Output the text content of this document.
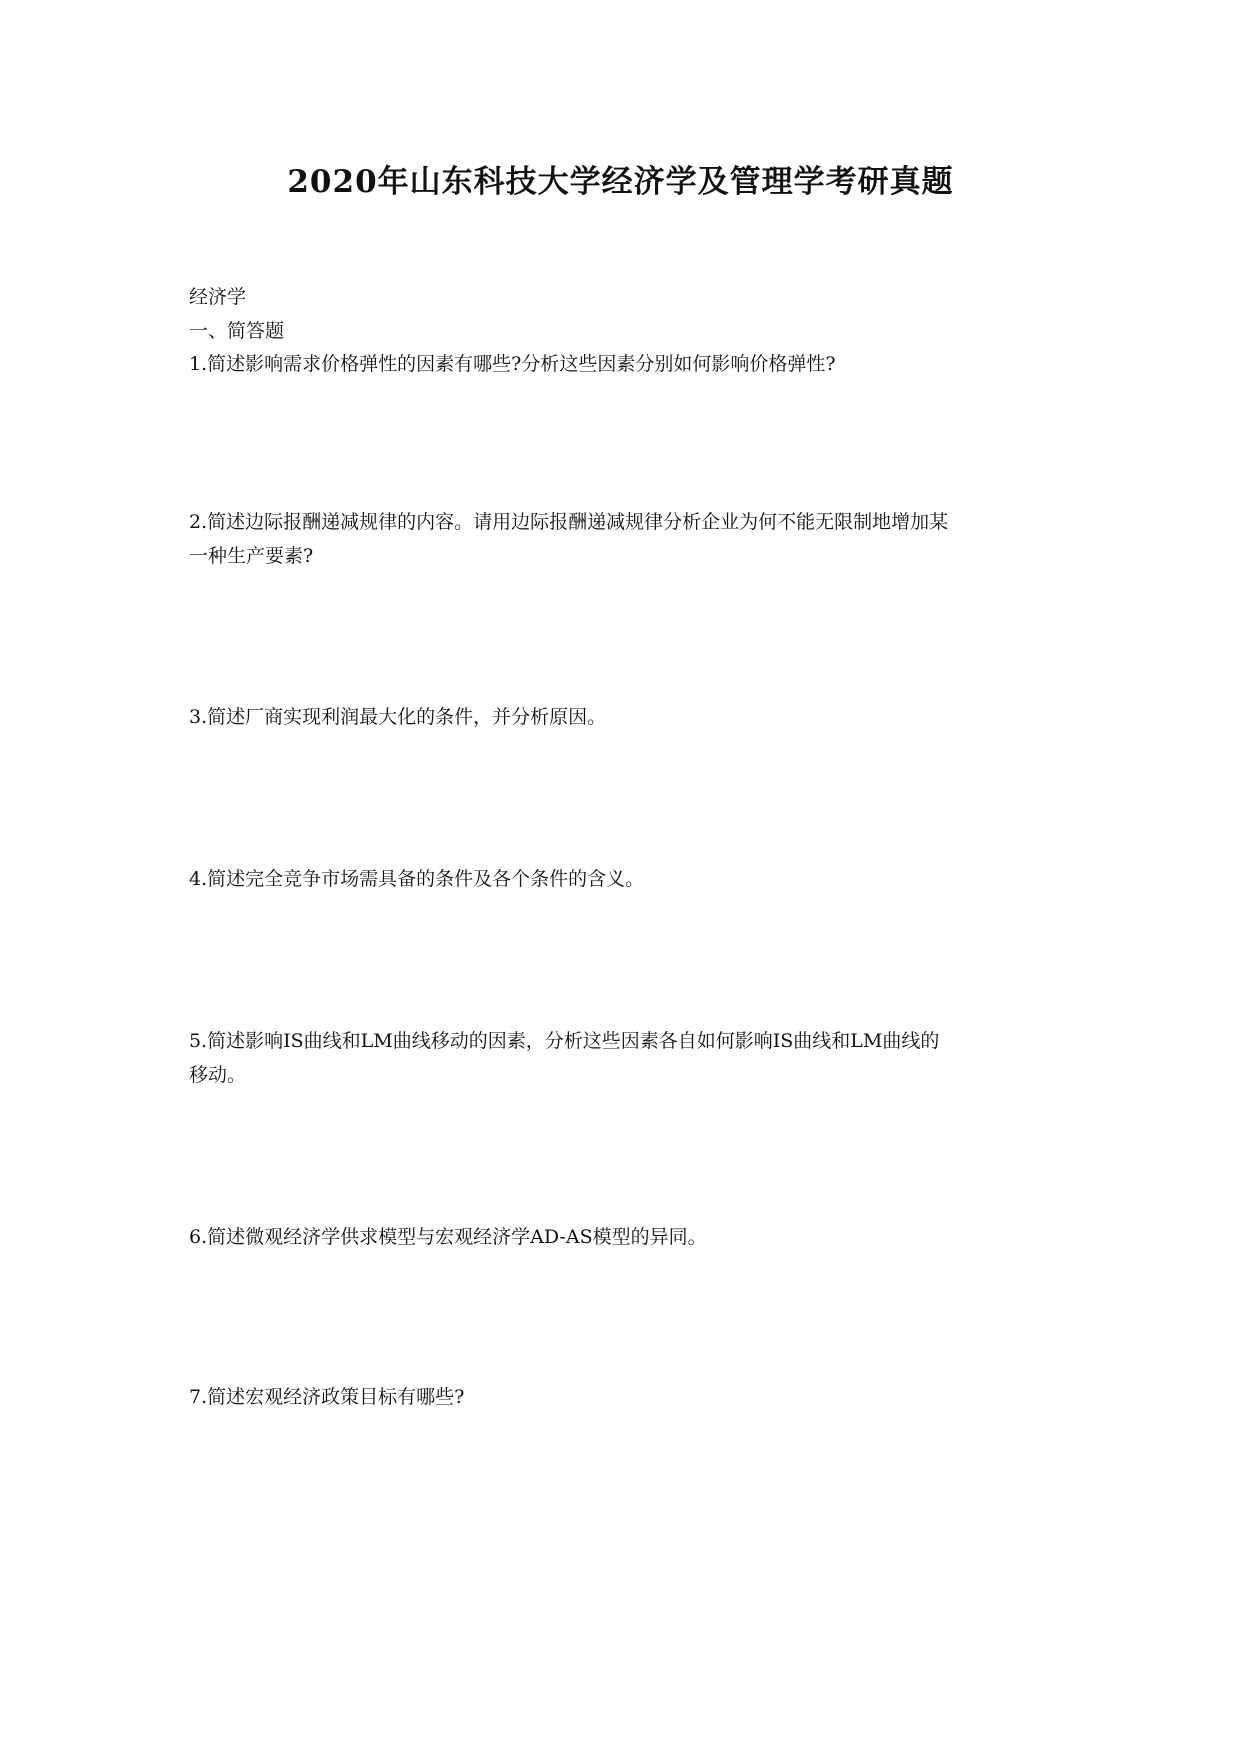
2020年山东科技大学经济学及管理学考研真题
经济学
一、简答题
1.简述影响需求价格弹性的因素有哪些?分析这些因素分别如何影响价格弹性?
2.简述边际报酬递减规律的内容。请用边际报酬递减规律分析企业为何不能无限制地增加某
一种生产要素?
3.简述厂商实现利润最大化的条件，并分析原因。
4.简述完全竞争市场需具备的条件及各个条件的含义。
5.简述影响IS曲线和LM曲线移动的因素，分析这些因素各自如何影响IS曲线和LM曲线的
移动。
6.简述微观经济学供求模型与宏观经济学AD-AS模型的异同。
7.简述宏观经济政策目标有哪些?
